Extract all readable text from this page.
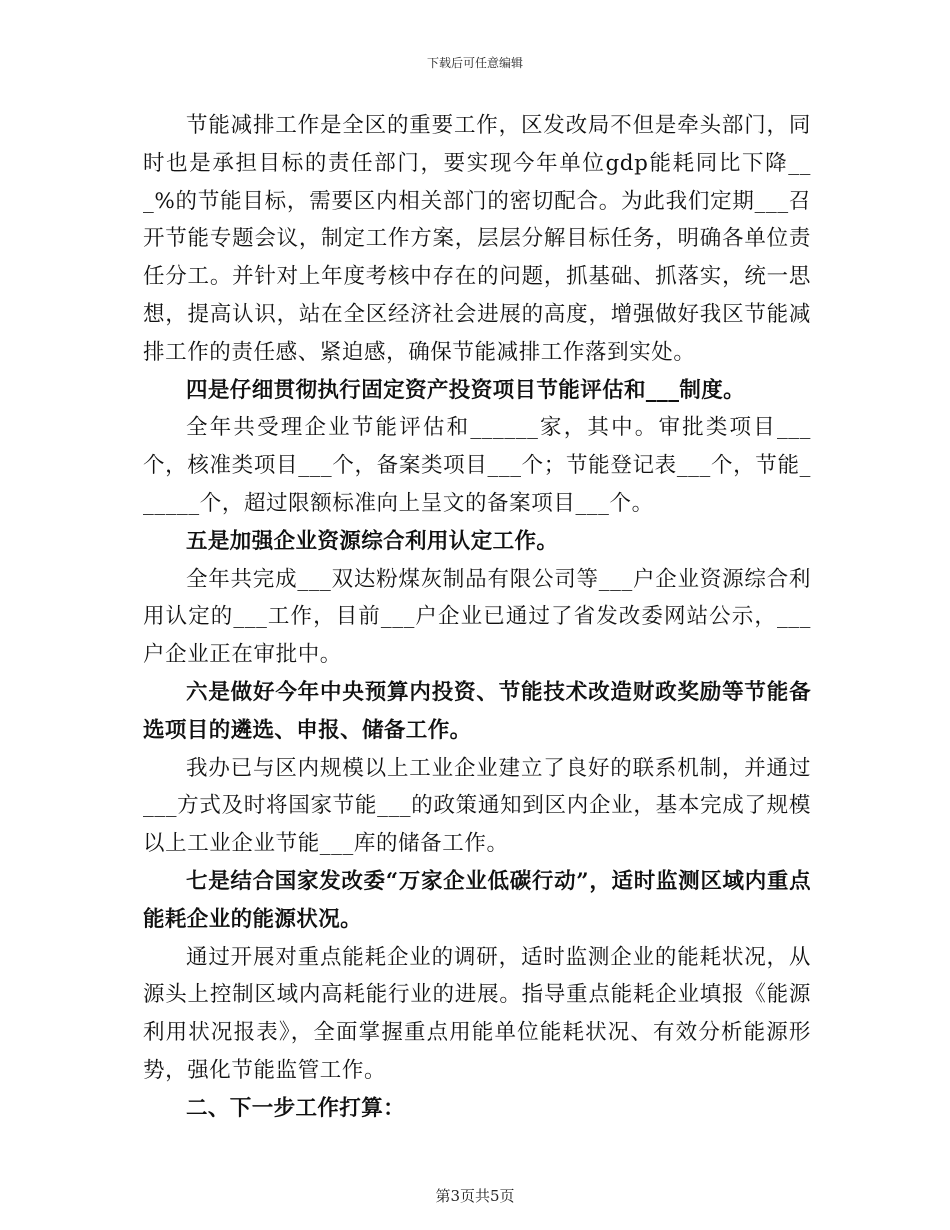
下载后可任意编辑

节能减排工作是全区的重要工作，区发改局不但是牵头部门，同时也是承担目标的责任部门，要实现今年单位gdp能耗同比下降___%的节能目标，需要区内相关部门的密切配合。为此我们定期___召开节能专题会议，制定工作方案，层层分解目标任务，明确各单位责任分工。并针对上年度考核中存在的问题，抓基础、抓落实，统一思想，提高认识，站在全区经济社会进展的高度，增强做好我区节能减排工作的责任感、紧迫感，确保节能减排工作落到实处。

四是仔细贯彻执行固定资产投资项目节能评估和___制度。

全年共受理企业节能评估和______家，其中。审批类项目___个，核准类项目___个，备案类项目___个；节能登记表___个，节能______个，超过限额标准向上呈文的备案项目___个。

五是加强企业资源综合利用认定工作。

全年共完成___双达粉煤灰制品有限公司等___户企业资源综合利用认定的___工作，目前___户企业已通过了省发改委网站公示，___户企业正在审批中。

六是做好今年中央预算内投资、节能技术改造财政奖励等节能备选项目的遴选、申报、储备工作。

我办已与区内规模以上工业企业建立了良好的联系机制，并通过___方式及时将国家节能___的政策通知到区内企业，基本完成了规模以上工业企业节能___库的储备工作。

七是结合国家发改委“万家企业低碳行动”，适时监测区域内重点能耗企业的能源状况。

通过开展对重点能耗企业的调研，适时监测企业的能耗状况，从源头上控制区域内高耗能行业的进展。指导重点能耗企业填报《能源利用状况报表》，全面掌握重点用能单位能耗状况、有效分析能源形势，强化节能监管工作。

二、下一步工作打算：

第3页共5页
